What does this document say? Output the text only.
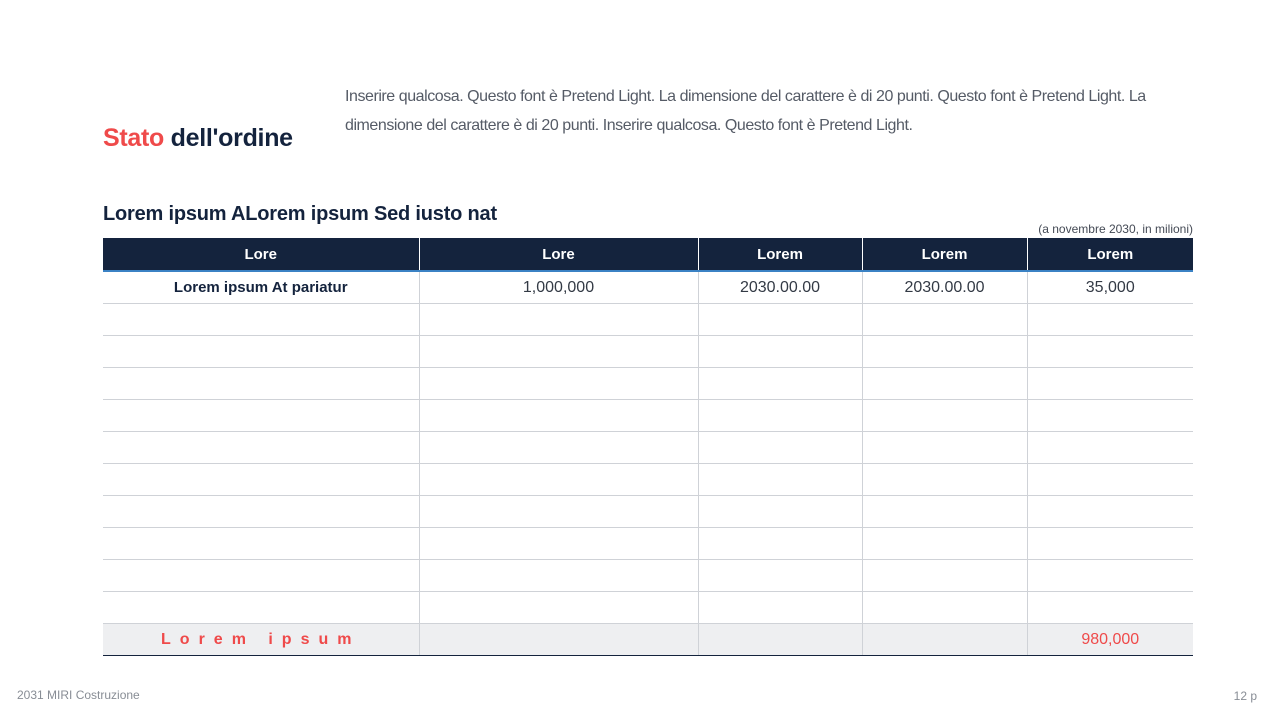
Stato dell'ordine
Inserire qualcosa. Questo font è Pretend Light. La dimensione del carattere è di 20 punti. Questo font è Pretend Light. La dimensione del carattere è di 20 punti. Inserire qualcosa. Questo font è Pretend Light.
Lorem ipsum ALorem ipsum Sed iusto nat
(a novembre 2030, in milioni)
Lore	Lore	Lorem	Lorem	Lorem
Lorem ipsum At pariatur	1,000,000	2030.00.00	2030.00.00	35,000

Lorem ipsum				980,000
2031 MIRI Costruzione	12 p
